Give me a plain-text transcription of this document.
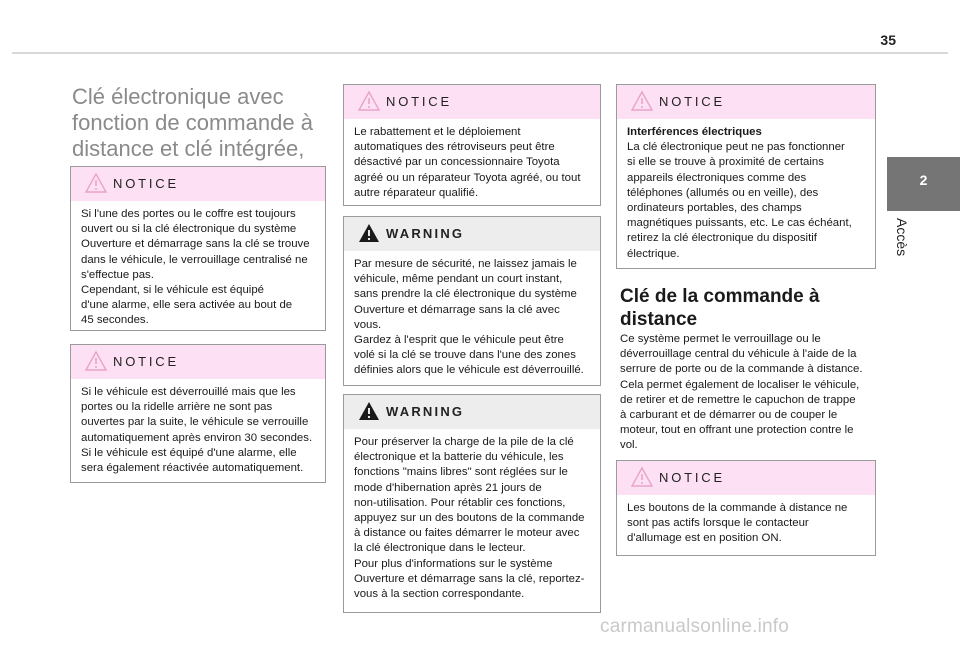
35
2
Accès
Clé électronique avec fonction de commande à distance et clé intégrée,
NOTICE
Si l'une des portes ou le coffre est toujours
ouvert ou si la clé électronique du système
Ouverture et démarrage sans la clé se trouve
dans le véhicule, le verrouillage centralisé ne
s'effectue pas.
Cependant, si le véhicule est équipé
d'une alarme, elle sera activée au bout de
45 secondes.
NOTICE
Si le véhicule est déverrouillé mais que les
portes ou la ridelle arrière ne sont pas
ouvertes par la suite, le véhicule se verrouille
automatiquement après environ 30 secondes.
Si le véhicule est équipé d'une alarme, elle
sera également réactivée automatiquement.
NOTICE
Le rabattement et le déploiement
automatiques des rétroviseurs peut être
désactivé par un concessionnaire Toyota
agréé ou un réparateur Toyota agréé, ou tout
autre réparateur qualifié.
WARNING
Par mesure de sécurité, ne laissez jamais le
véhicule, même pendant un court instant,
sans prendre la clé électronique du système
Ouverture et démarrage sans la clé avec
vous.
Gardez à l'esprit que le véhicule peut être
volé si la clé se trouve dans l'une des zones
définies alors que le véhicule est déverrouillé.
WARNING
Pour préserver la charge de la pile de la clé
électronique et la batterie du véhicule, les
fonctions "mains libres" sont réglées sur le
mode d'hibernation après 21 jours de
non-utilisation. Pour rétablir ces fonctions,
appuyez sur un des boutons de la commande
à distance ou faites démarrer le moteur avec
la clé électronique dans le lecteur.
Pour plus d'informations sur le système
Ouverture et démarrage sans la clé, reportez-
vous à la section correspondante.
NOTICE

Interférences électriques

La clé électronique peut ne pas fonctionner
si elle se trouve à proximité de certains
appareils électroniques comme des
téléphones (allumés ou en veille), des
ordinateurs portables, des champs
magnétiques puissants, etc. Le cas échéant,
retirez la clé électronique du dispositif
électrique.
Clé de la commande à
distance
Ce système permet le verrouillage ou le
déverrouillage central du véhicule à l'aide de la
serrure de porte ou de la commande à distance.
Cela permet également de localiser le véhicule,
de retirer et de remettre le capuchon de trappe
à carburant et de démarrer ou de couper le
moteur, tout en offrant une protection contre le
vol.
NOTICE
Les boutons de la commande à distance ne
sont pas actifs lorsque le contacteur
d'allumage est en position ON.
carmanualsonline.info
